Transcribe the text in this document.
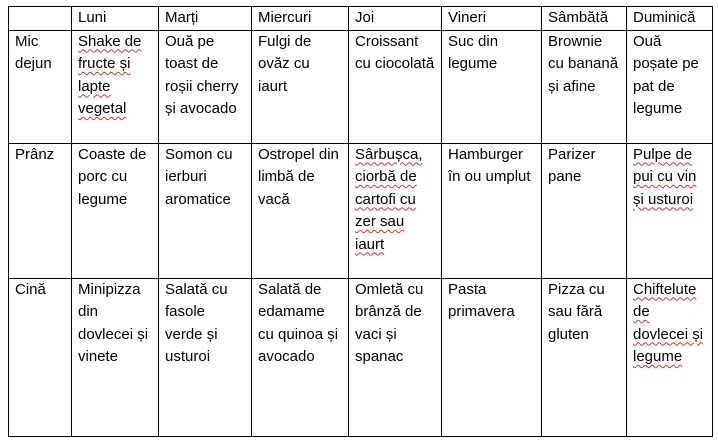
	Luni	Marți	Miercuri	Joi	Vineri	Sâmbătă	Duminică
Mic dejun	Shake de fructe și lapte vegetal	Ouă pe toast de roșii cherry și avocado	Fulgi de ovăz cu iaurt	Croissant cu ciocolată	Suc din legume	Brownie cu banană și afine	Ouă poșate pe pat de legume
Prânz	Coaste de porc cu legume	Somon cu ierburi aromatice	Ostropel din limbă de vacă	Sârbușca, ciorbă de cartofi cu zer sau iaurt	Hamburger în ou umplut	Parizer pane	Pulpe de pui cu vin și usturoi
Cină	Minipizza din dovlecei și vinete	Salată cu fasole verde și usturoi	Salată de edamame cu quinoa și avocado	Omletă cu brânză de vaci și spanac	Pasta primavera	Pizza cu sau fără gluten	Chiftelute de dovlecei și legume
